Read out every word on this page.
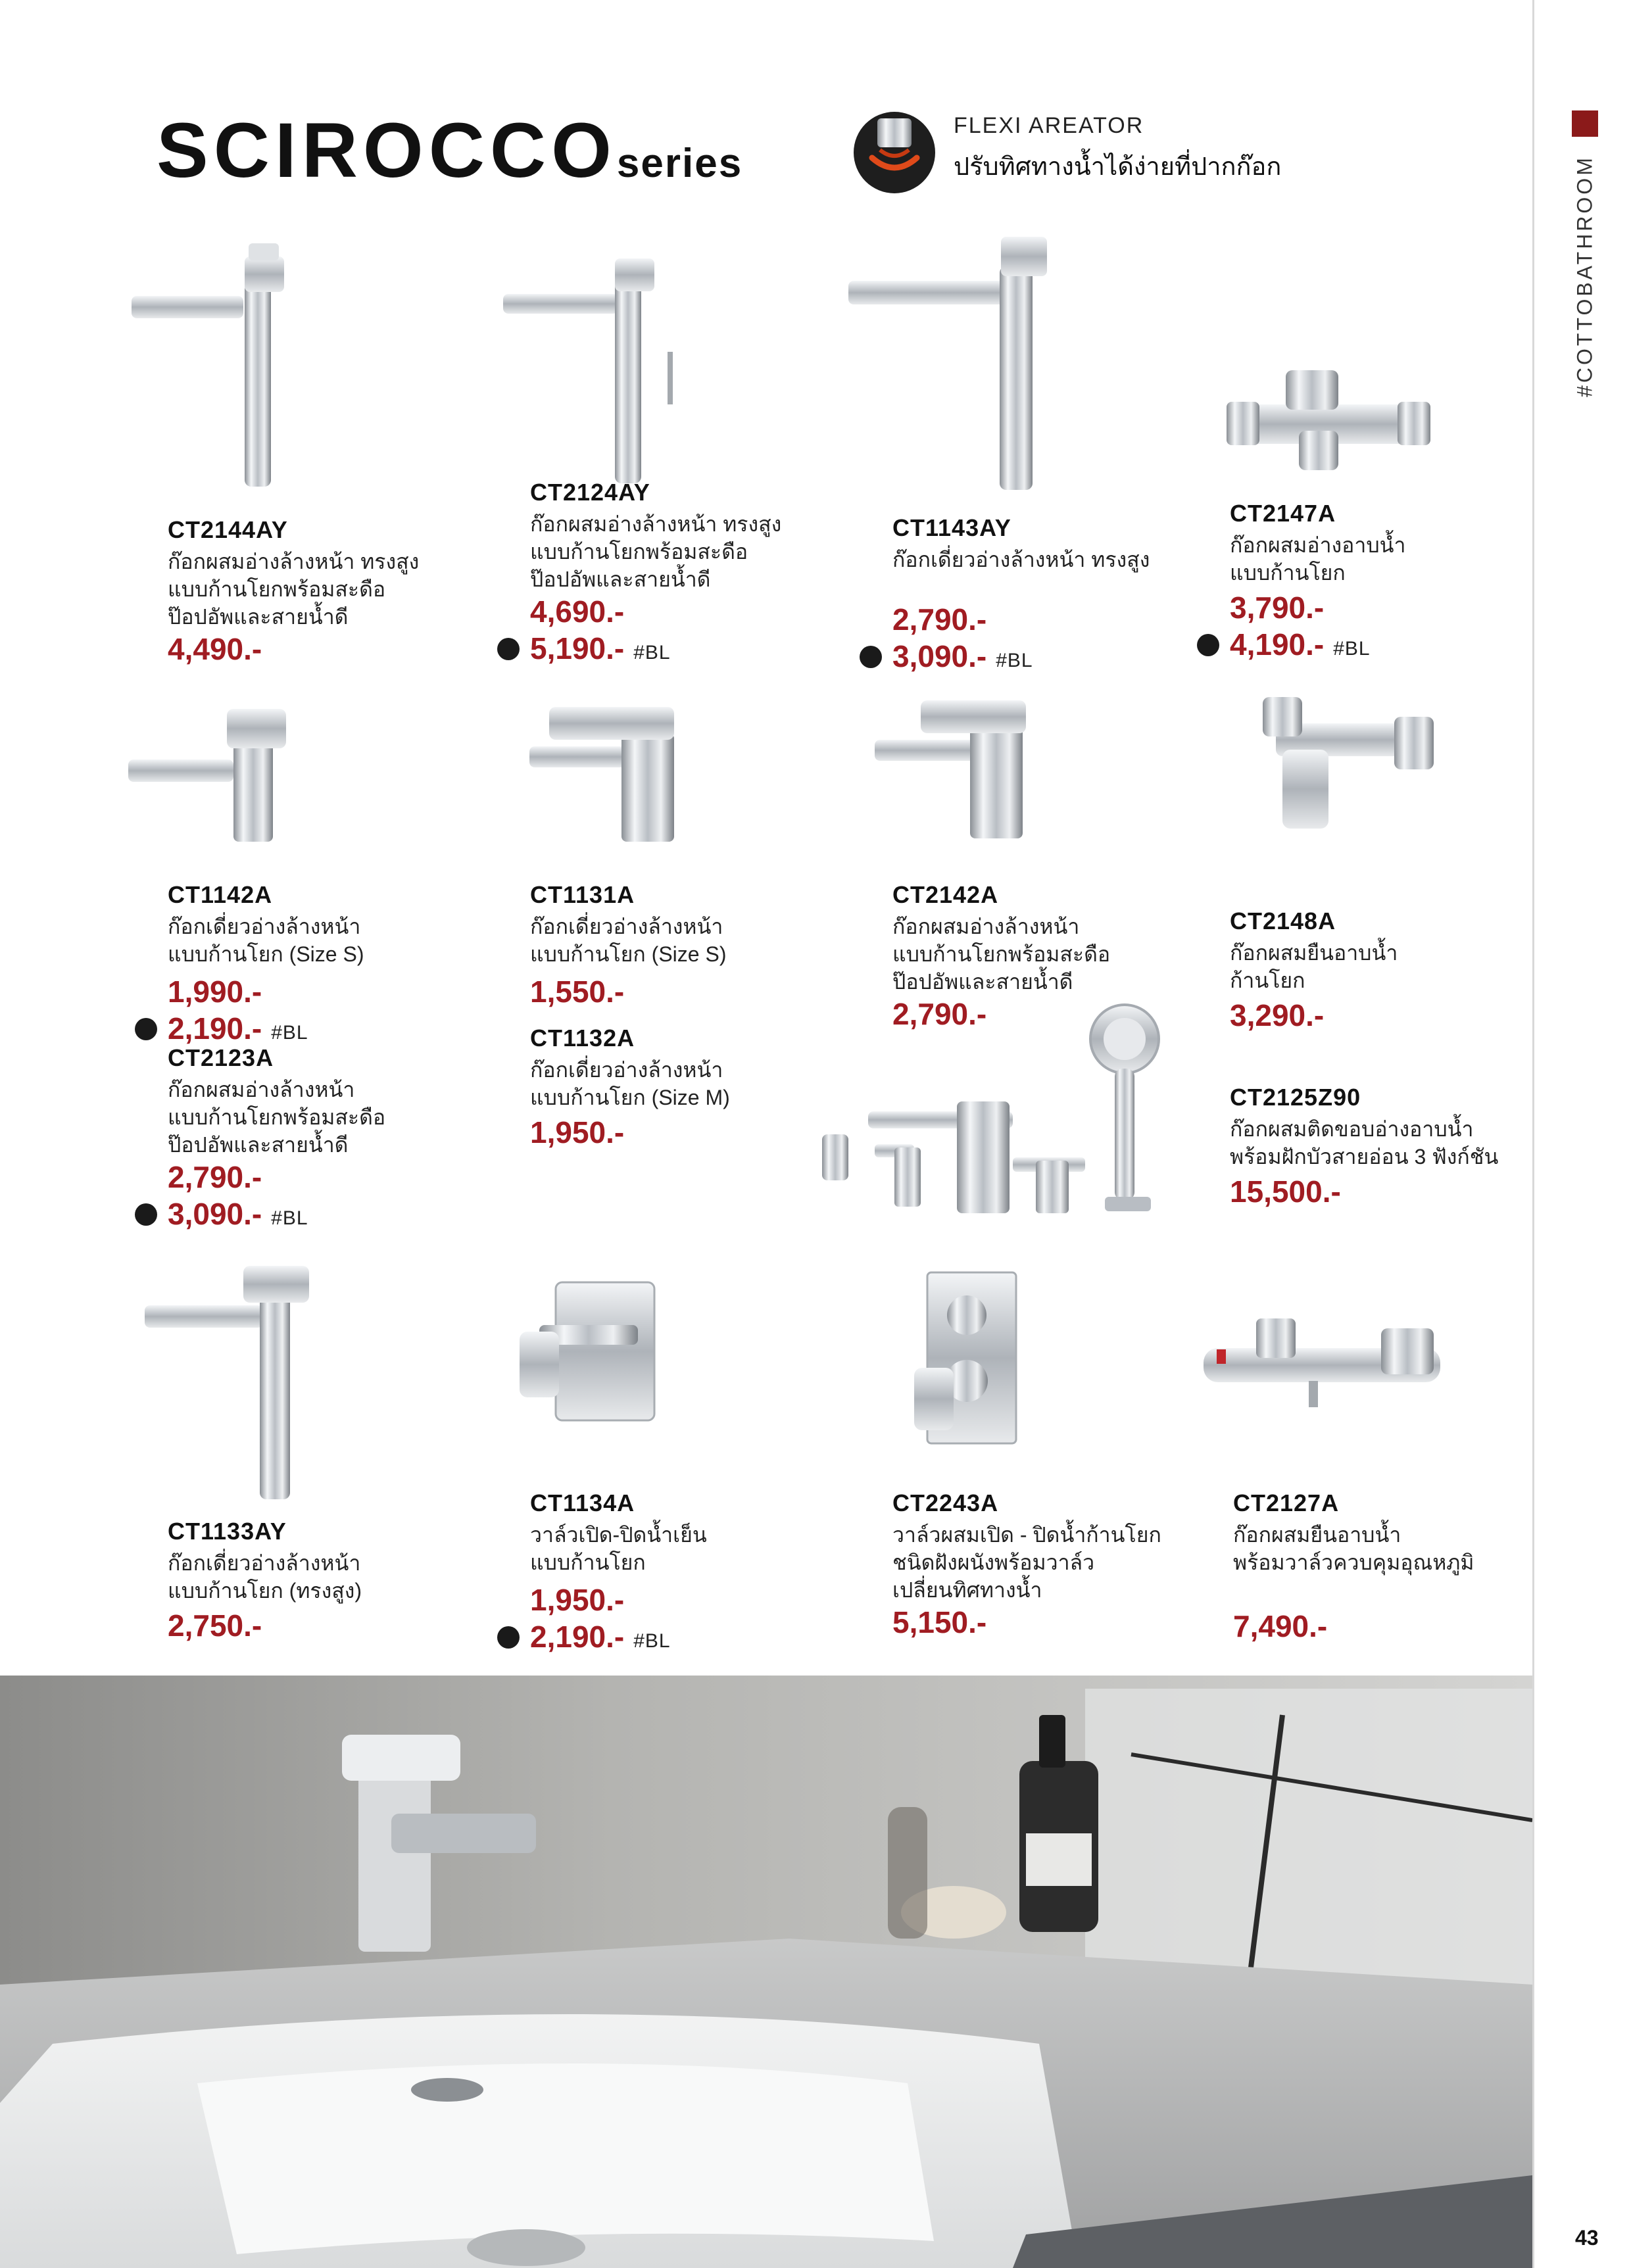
#COTTOBATHROOM
SCIROCCOseries
FLEXI AREATOR
ปรับทิศทางน้ำได้ง่ายที่ปากก๊อก
CT2144AY
ก๊อกผสมอ่างล้างหน้า ทรงสูง
แบบก้านโยกพร้อมสะดือ
ป๊อปอัพและสายน้ำดี
4,490.-
CT2124AY
ก๊อกผสมอ่างล้างหน้า ทรงสูง
แบบก้านโยกพร้อมสะดือ
ป๊อปอัพและสายน้ำดี
4,690.-
5,190.- #BL
CT1143AY
ก๊อกเดี่ยวอ่างล้างหน้า ทรงสูง
2,790.-
3,090.- #BL
CT2147A
ก๊อกผสมอ่างอาบน้ำ
แบบก้านโยก
3,790.-
4,190.- #BL
CT1142A
ก๊อกเดี่ยวอ่างล้างหน้า
แบบก้านโยก (Size S)
1,990.-
2,190.- #BL
CT2123A
ก๊อกผสมอ่างล้างหน้า
แบบก้านโยกพร้อมสะดือ
ป๊อปอัพและสายน้ำดี
2,790.-
3,090.- #BL
CT1131A
ก๊อกเดี่ยวอ่างล้างหน้า
แบบก้านโยก (Size S)
1,550.-
CT1132A
ก๊อกเดี่ยวอ่างล้างหน้า
แบบก้านโยก (Size M)
1,950.-
CT2142A
ก๊อกผสมอ่างล้างหน้า
แบบก้านโยกพร้อมสะดือ
ป๊อปอัพและสายน้ำดี
2,790.-
CT2148A
ก๊อกผสมยืนอาบน้ำ
ก้านโยก
3,290.-
CT2125Z90
ก๊อกผสมติดขอบอ่างอาบน้ำ
พร้อมฝักบัวสายอ่อน 3 ฟังก์ชัน
15,500.-
CT1133AY
ก๊อกเดี่ยวอ่างล้างหน้า
แบบก้านโยก (ทรงสูง)
2,750.-
CT1134A
วาล์วเปิด-ปิดน้ำเย็น
แบบก้านโยก
1,950.-
2,190.- #BL
CT2243A
วาล์วผสมเปิด - ปิดน้ำก้านโยก
ชนิดฝังผนังพร้อมวาล์ว
เปลี่ยนทิศทางน้ำ
5,150.-
CT2127A
ก๊อกผสมยืนอาบน้ำ
พร้อมวาล์วควบคุมอุณหภูมิ
7,490.-
43
